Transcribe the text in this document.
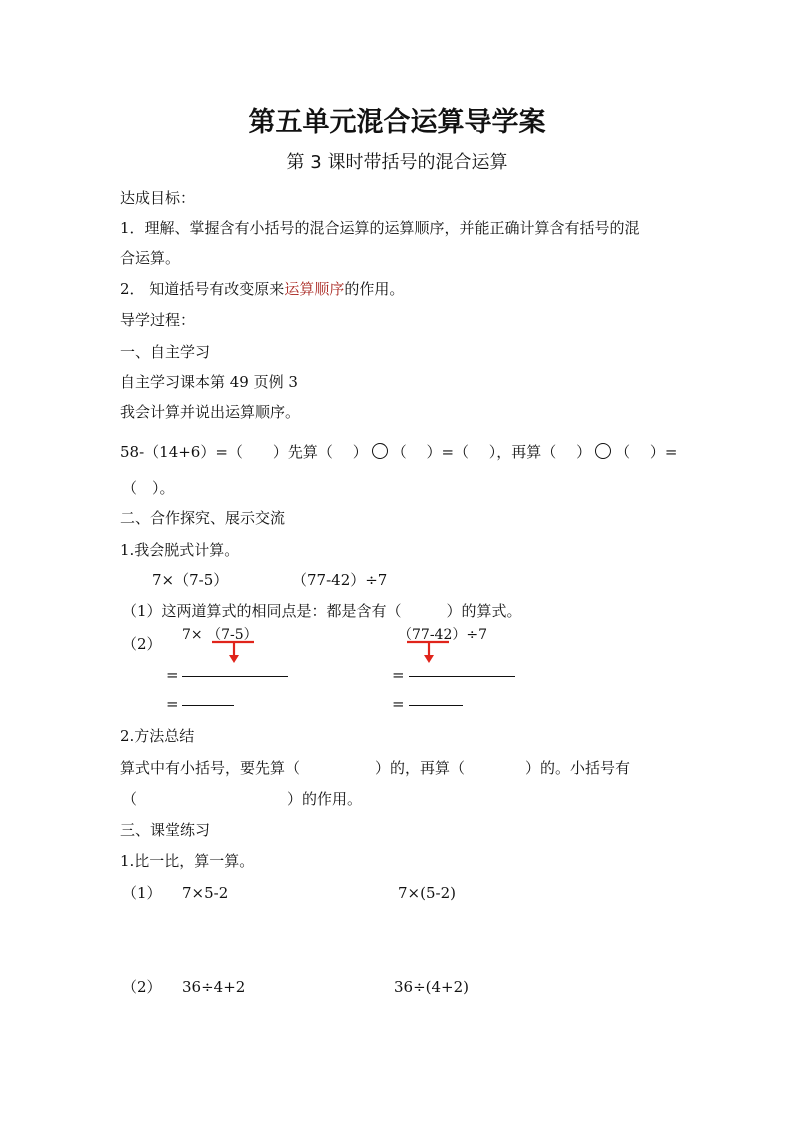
第五单元混合运算导学案
第 3 课时带括号的混合运算
达成目标：
1．理解、掌握含有小括号的混合运算的运算顺序，并能正确计算含有括号的混
合运算。
2． 知道括号有改变原来运算顺序的作用。
导学过程：
一、自主学习
自主学习课本第 49 页例 3
我会计算并说出运算顺序。
58-（14+6）=（　　）先算（　 ） （　 ）=（　 ），再算（　 ） （　 ）=
（　）。
二、合作探究、展示交流
1.我会脱式计算。
7×（7-5）	（77-42）÷7
（1）这两道算式的相同点是：都是含有（　　　）的算式。
（2） 7× （7-5）	（77-42）÷7
=	=
=	=
2.方法总结
算式中有小括号，要先算（　　　　　）的，再算（　　　　）的。小括号有
（　　　　　　　　　　）的作用。
三、课堂练习
1.比一比，算一算。
（1） 7×5-2	7×(5-2)
（2） 36÷4+2	36÷(4+2)
